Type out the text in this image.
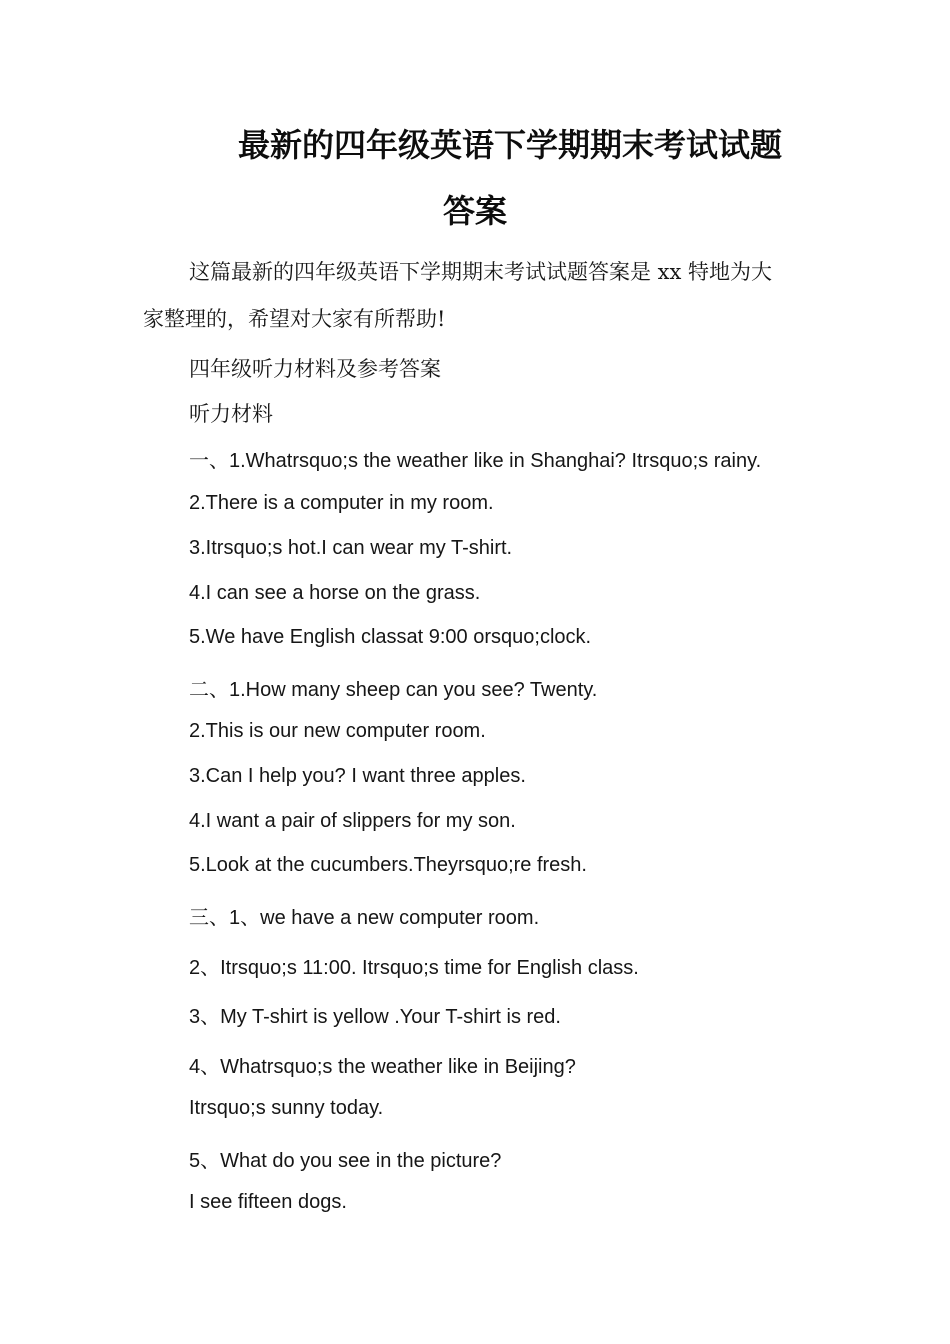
最新的四年级英语下学期期末考试试题
答案
这篇最新的四年级英语下学期期末考试试题答案是 xx 特地为大
家整理的，希望对大家有所帮助!
四年级听力材料及参考答案
听力材料
一、1.Whatrsquo;s the weather like in Shanghai? Itrsquo;s rainy.
2.There is a computer in my room.
3.Itrsquo;s hot.I can wear my T-shirt.
4.I can see a horse on the grass.
5.We have English classat 9:00 orsquo;clock.
二、1.How many sheep can you see? Twenty.
2.This is our new computer room.
3.Can I help you? I want three apples.
4.I want a pair of slippers for my son.
5.Look at the cucumbers.Theyrsquo;re fresh.
三、1、we have a new computer room.
2、Itrsquo;s 11:00. Itrsquo;s time for English class.
3、My T-shirt is yellow .Your T-shirt is red.
4、Whatrsquo;s the weather like in Beijing?
Itrsquo;s sunny today.
5、What do you see in the picture?
I see fifteen dogs.
